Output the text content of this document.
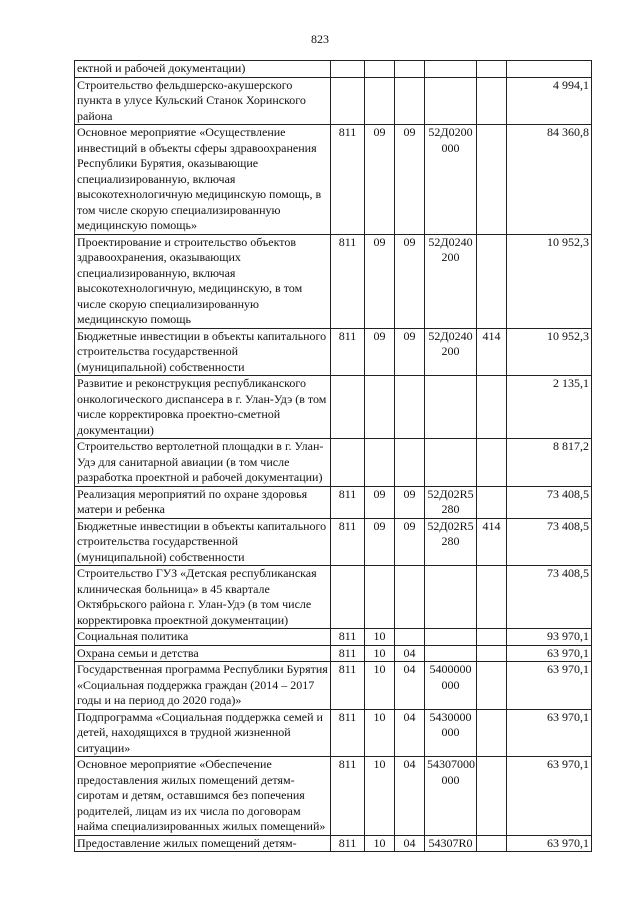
823
ектной и рабочей документации)						
Строительство фельдшерско-акушерского пункта в улусе Кульский Станок Хоринского района						4 994,1
Основное мероприятие «Осуществление инвестиций в объекты сферы здравоохранения Республики Бурятия, оказывающие специализированную, включая высокотехнологичную медицинскую помощь, в том числе скорую специализированную медицинскую помощь»	811	09	09	52Д0200 000		84 360,8
Проектирование и строительство объектов здравоохранения, оказывающих специализированную, включая высокотехнологичную, медицинскую, в том числе скорую специализированную медицинскую помощь	811	09	09	52Д0240 200		10 952,3
Бюджетные инвестиции в объекты капитального строительства государственной (муниципальной) собственности	811	09	09	52Д0240 200	414	10 952,3
Развитие и реконструкция республиканского онкологического диспансера в г. Улан-Удэ (в том числе корректировка проектно-сметной документации)						2 135,1
Строительство вертолетной площадки в г. Улан-Удэ для санитарной авиации (в том числе разработка проектной и рабочей документации)						8 817,2
Реализация мероприятий по охране здоровья матери и ребенка	811	09	09	52Д02R5 280		73 408,5
Бюджетные инвестиции в объекты капитального строительства государственной (муниципальной) собственности	811	09	09	52Д02R5 280	414	73 408,5
Строительство ГУЗ «Детская республиканская клиническая больница» в 45 квартале Октябрьского района г. Улан-Удэ (в том числе корректировка проектной документации)						73 408,5
Социальная политика	811	10				93 970,1
Охрана семьи и детства	811	10	04			63 970,1
Государственная программа Республики Бурятия «Социальная поддержка граждан (2014 – 2017 годы и на период до 2020 года)»	811	10	04	5400000 000		63 970,1
Подпрограмма «Социальная поддержка семей и детей, находящихся в трудной жизненной ситуации»	811	10	04	5430000 000		63 970,1
Основное мероприятие «Обеспечение предоставления жилых помещений детям-сиротам и детям, оставшимся без попечения родителей, лицам из их числа по договорам найма специализированных жилых помещений»	811	10	04	54307000 000		63 970,1
Предоставление жилых помещений детям-	811	10	04	54307R0		63 970,1
